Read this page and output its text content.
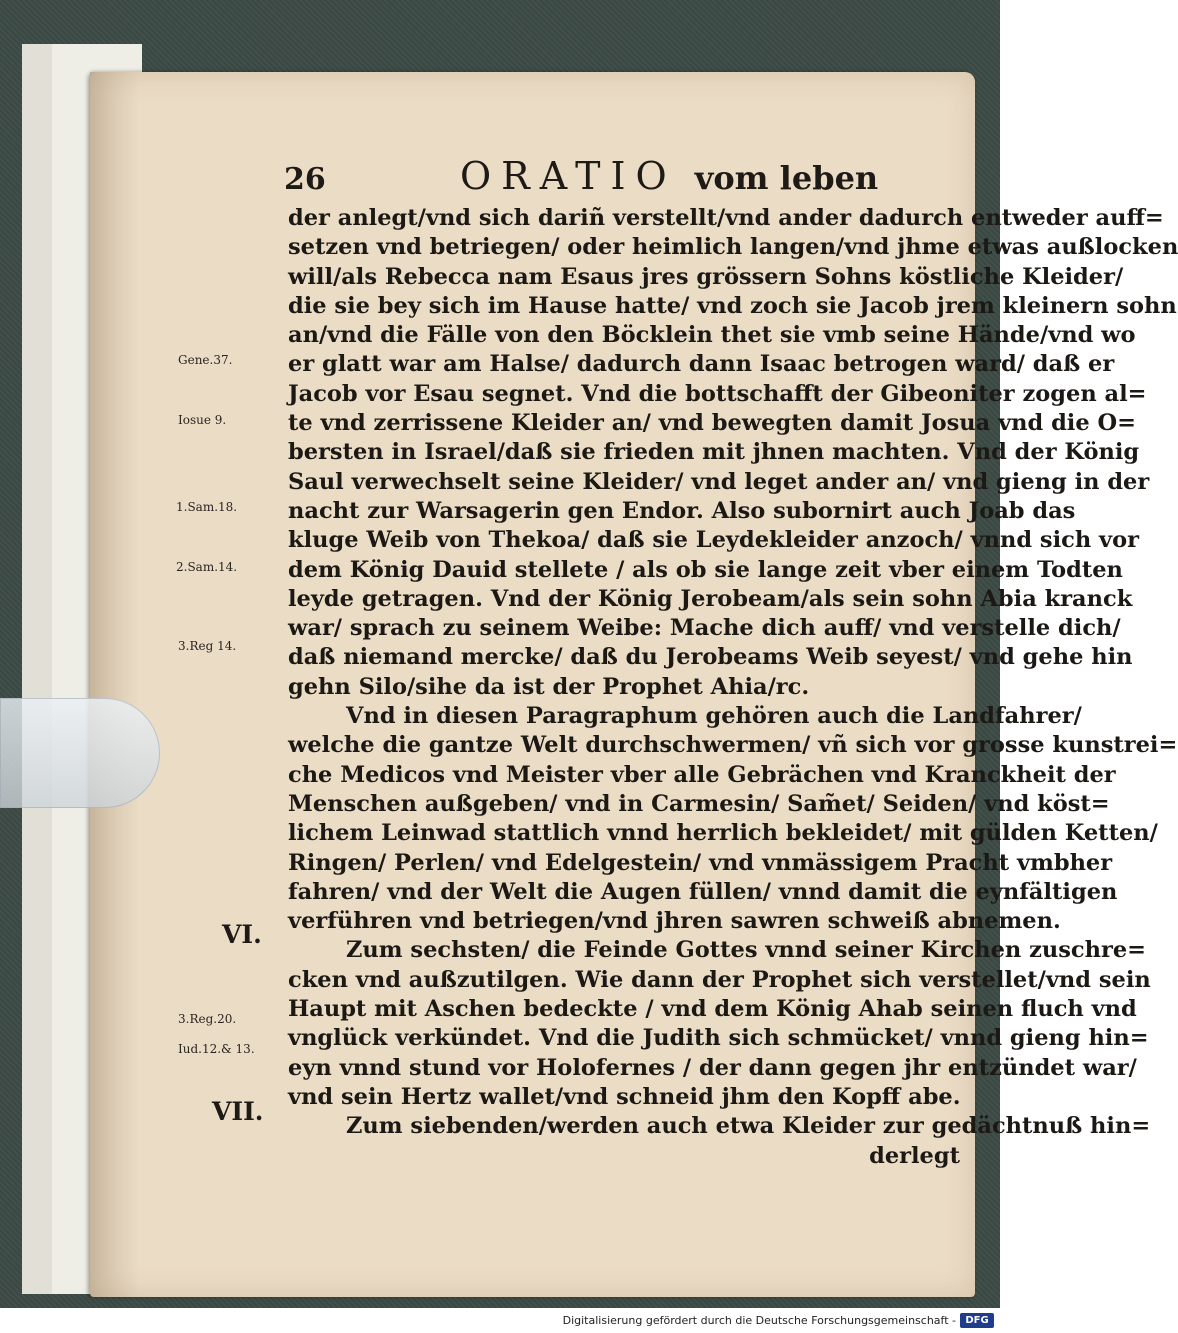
26	ORATIO vom leben
der anlegt/vnd sich dariñ verstellt/vnd ander dadurch entweder auff=
setzen vnd betriegen/ oder heimlich langen/vnd jhme etwas außlocken
will/als Rebecca nam Esaus jres grössern Sohns köstliche Kleider/
die sie bey sich im Hause hatte/ vnd zoch sie Jacob jrem kleinern sohn
an/vnd die Fälle von den Böcklein thet sie vmb seine Hände/vnd wo
er glatt war am Halse/ dadurch dann Isaac betrogen ward/ daß er
Jacob vor Esau segnet. Vnd die bottschafft der Gibeoniter zogen al=
te vnd zerrissene Kleider an/ vnd bewegten damit Josua vnd die O=
bersten in Israel/daß sie frieden mit jhnen machten. Vnd der König
Saul verwechselt seine Kleider/ vnd leget ander an/ vnd gieng in der
nacht zur Warsagerin gen Endor. Also subornirt auch Joab das
kluge Weib von Thekoa/ daß sie Leydekleider anzoch/ vnnd sich vor
dem König Dauid stellete / als ob sie lange zeit vber einem Todten
leyde getragen. Vnd der König Jerobeam/als sein sohn Abia kranck
war/ sprach zu seinem Weibe: Mache dich auff/ vnd verstelle dich/
daß niemand mercke/ daß du Jerobeams Weib seyest/ vnd gehe hin
gehn Silo/sihe da ist der Prophet Ahia/rc.
Vnd in diesen Paragraphum gehören auch die Landfahrer/
welche die gantze Welt durchschwermen/ vñ sich vor grosse kunstrei=
che Medicos vnd Meister vber alle Gebrächen vnd Kranckheit der
Menschen außgeben/ vnd in Carmesin/ Sam̃et/ Seiden/ vnd köst=
lichem Leinwad stattlich vnnd herrlich bekleidet/ mit gülden Ketten/
Ringen/ Perlen/ vnd Edelgestein/ vnd vnmässigem Pracht vmbher
fahren/ vnd der Welt die Augen füllen/ vnnd damit die eynfältigen
verführen vnd betriegen/vnd jhren sawren schweiß abnemen.
Zum sechsten/ die Feinde Gottes vnnd seiner Kirchen zuschre=
cken vnd außzutilgen. Wie dann der Prophet sich verstellet/vnd sein
Haupt mit Aschen bedeckte / vnd dem König Ahab seinen fluch vnd
vnglück verkündet. Vnd die Judith sich schmücket/ vnnd gieng hin=
eyn vnnd stund vor Holofernes / der dann gegen jhr entzündet war/
vnd sein Hertz wallet/vnd schneid jhm den Kopff abe.
Zum siebenden/werden auch etwa Kleider zur gedächtnuß hin=
derlegt
Gene.37.
Iosue 9.
1.Sam.18.
2.Sam.14.
3.Reg 14.
VI.
3.Reg.20.
Iud.12.& 13.
VII.
Digitalisierung gefördert durch die Deutsche Forschungsgemeinschaft - DFG
